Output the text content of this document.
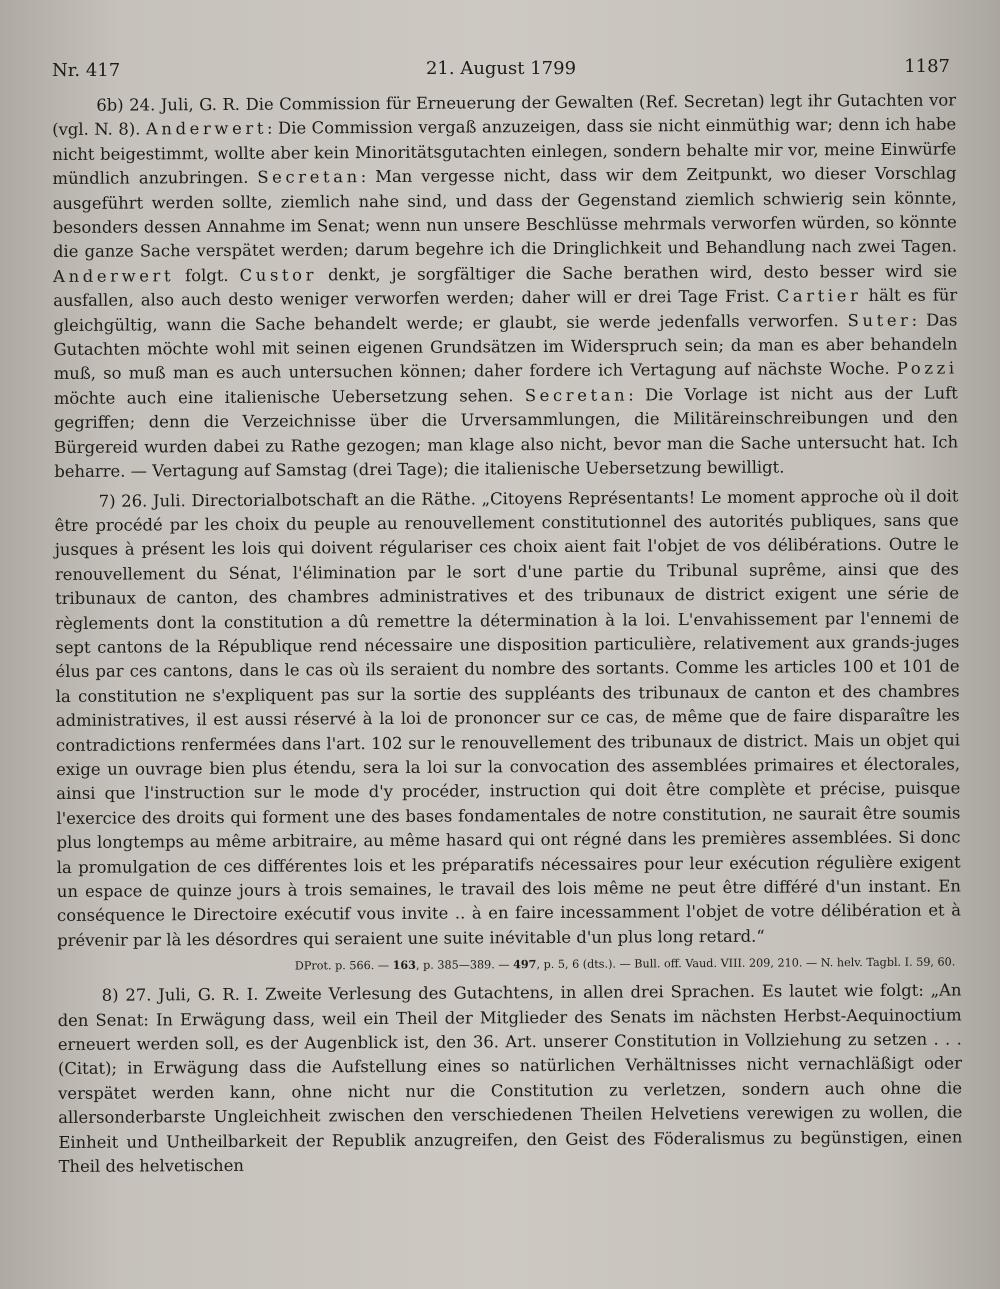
Nr. 417	21. August 1799	1187

6b) 24. Juli, G. R. Die Commission für Erneuerung der Gewalten (Ref. Secretan) legt ihr Gutachten vor (vgl. N. 8). Anderwert: Die Commission vergaß anzuzeigen, dass sie nicht einmüthig war; denn ich habe nicht beigestimmt, wollte aber kein Minoritätsgutachten einlegen, sondern behalte mir vor, meine Einwürfe mündlich anzubringen. Secretan: Man vergesse nicht, dass wir dem Zeitpunkt, wo dieser Vorschlag ausgeführt werden sollte, ziemlich nahe sind, und dass der Gegenstand ziemlich schwierig sein könnte, besonders dessen Annahme im Senat; wenn nun unsere Beschlüsse mehrmals verworfen würden, so könnte die ganze Sache verspätet werden; darum begehre ich die Dringlichkeit und Behandlung nach zwei Tagen. Anderwert folgt. Custor denkt, je sorgfältiger die Sache berathen wird, desto besser wird sie ausfallen, also auch desto weniger verworfen werden; daher will er drei Tage Frist. Cartier hält es für gleichgültig, wann die Sache behandelt werde; er glaubt, sie werde jedenfalls verworfen. Suter: Das Gutachten möchte wohl mit seinen eigenen Grundsätzen im Widerspruch sein; da man es aber behandeln muß, so muß man es auch untersuchen können; daher fordere ich Vertagung auf nächste Woche. Pozzi möchte auch eine italienische Uebersetzung sehen. Secretan: Die Vorlage ist nicht aus der Luft gegriffen; denn die Verzeichnisse über die Urversammlungen, die Militäreinschreibungen und den Bürgereid wurden dabei zu Rathe gezogen; man klage also nicht, bevor man die Sache untersucht hat. Ich beharre. — Vertagung auf Samstag (drei Tage); die italienische Uebersetzung bewilligt.

7) 26. Juli. Directorialbotschaft an die Räthe. „Citoyens Représentants! Le moment approche où il doit être procédé par les choix du peuple au renouvellement constitutionnel des autorités publiques, sans que jusques à présent les lois qui doivent régulariser ces choix aient fait l'objet de vos délibérations. Outre le renouvellement du Sénat, l'élimination par le sort d'une partie du Tribunal suprême, ainsi que des tribunaux de canton, des chambres administratives et des tribunaux de district exigent une série de règlements dont la constitution a dû remettre la détermination à la loi. L'envahissement par l'ennemi de sept cantons de la République rend nécessaire une disposition particulière, relativement aux grands-juges élus par ces cantons, dans le cas où ils seraient du nombre des sortants. Comme les articles 100 et 101 de la constitution ne s'expliquent pas sur la sortie des suppléants des tribunaux de canton et des chambres administratives, il est aussi réservé à la loi de prononcer sur ce cas, de même que de faire disparaître les contradictions renfermées dans l'art. 102 sur le renouvellement des tribunaux de district. Mais un objet qui exige un ouvrage bien plus étendu, sera la loi sur la convocation des assemblées primaires et électorales, ainsi que l'instruction sur le mode d'y procéder, instruction qui doit être complète et précise, puisque l'exercice des droits qui forment une des bases fondamentales de notre constitution, ne saurait être soumis plus longtemps au même arbitraire, au même hasard qui ont régné dans les premières assemblées. Si donc la promulgation de ces différentes lois et les préparatifs nécessaires pour leur exécution régulière exigent un espace de quinze jours à trois semaines, le travail des lois même ne peut être différé d'un instant. En conséquence le Directoire exécutif vous invite .. à en faire incessamment l'objet de votre délibération et à prévenir par là les désordres qui seraient une suite inévitable d'un plus long retard.“

DProt. p. 566. — 163, p. 385—389. — 497, p. 5, 6 (dts.). — Bull. off. Vaud. VIII. 209, 210. — N. helv. Tagbl. I. 59, 60.

8) 27. Juli, G. R. I. Zweite Verlesung des Gutachtens, in allen drei Sprachen. Es lautet wie folgt: „An den Senat: In Erwägung dass, weil ein Theil der Mitglieder des Senats im nächsten Herbst-Aequinoctium erneuert werden soll, es der Augenblick ist, den 36. Art. unserer Constitution in Vollziehung zu setzen . . . (Citat); in Erwägung dass die Aufstellung eines so natürlichen Verhältnisses nicht vernachläßigt oder verspätet werden kann, ohne nicht nur die Constitution zu verletzen, sondern auch ohne die allersonderbarste Ungleichheit zwischen den verschiedenen Theilen Helvetiens verewigen zu wollen, die Einheit und Untheilbarkeit der Republik anzugreifen, den Geist des Föderalismus zu begünstigen, einen Theil des helvetischen
